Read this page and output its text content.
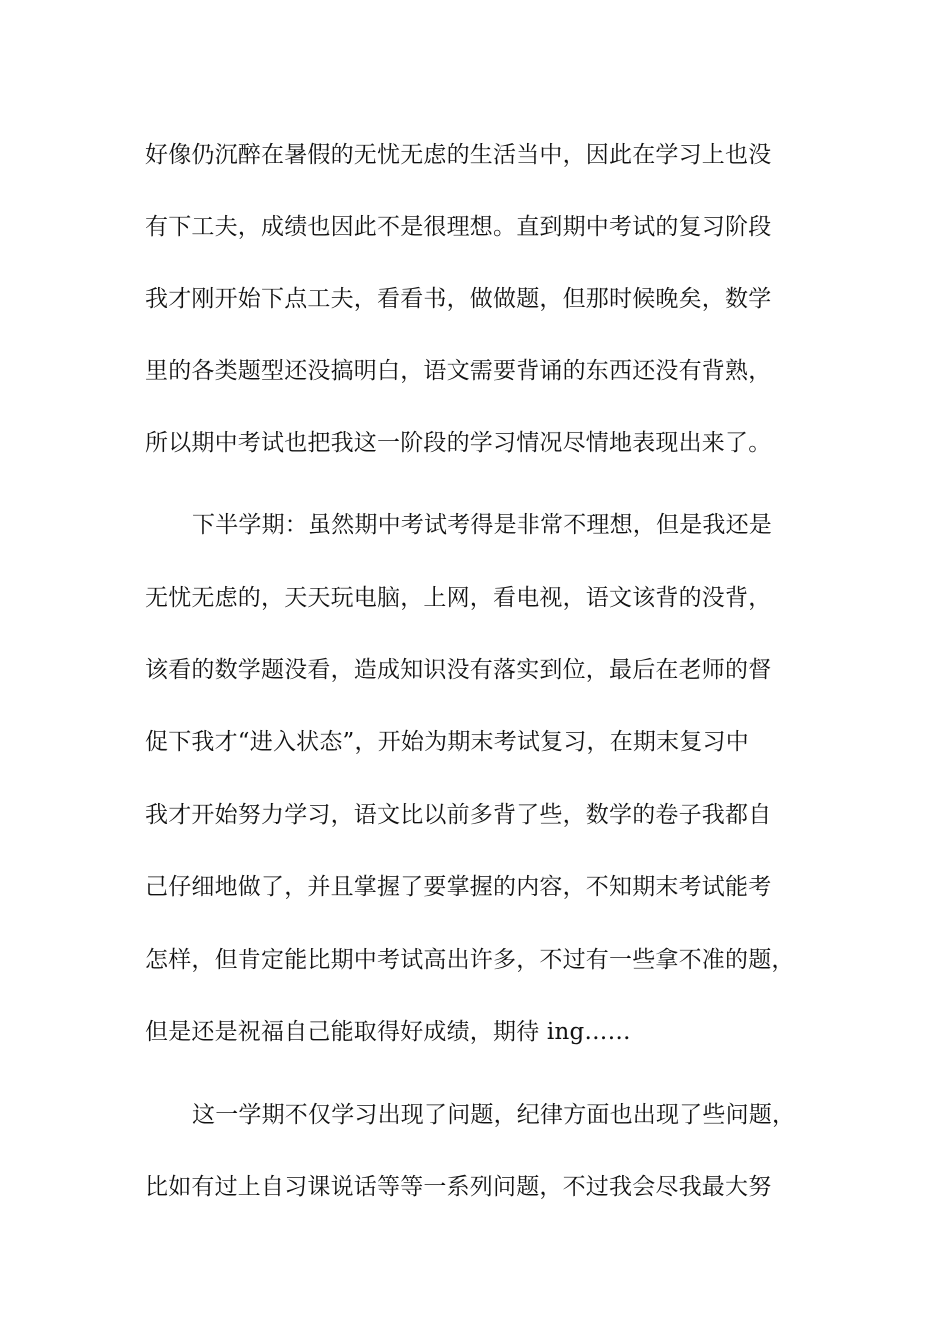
好像仍沉醉在暑假的无忧无虑的生活当中，因此在学习上也没
有下工夫，成绩也因此不是很理想。直到期中考试的复习阶段
我才刚开始下点工夫，看看书，做做题，但那时候晚矣，数学
里的各类题型还没搞明白，语文需要背诵的东西还没有背熟，
所以期中考试也把我这一阶段的学习情况尽情地表现出来了。
下半学期：虽然期中考试考得是非常不理想，但是我还是
无忧无虑的，天天玩电脑，上网，看电视，语文该背的没背，
该看的数学题没看，造成知识没有落实到位，最后在老师的督
促下我才“进入状态”，开始为期末考试复习，在期末复习中
我才开始努力学习，语文比以前多背了些，数学的卷子我都自
己仔细地做了，并且掌握了要掌握的内容，不知期末考试能考
怎样，但肯定能比期中考试高出许多，不过有一些拿不准的题，
但是还是祝福自己能取得好成绩，期待 ing……
这一学期不仅学习出现了问题，纪律方面也出现了些问题，
比如有过上自习课说话等等一系列问题，不过我会尽我最大努
